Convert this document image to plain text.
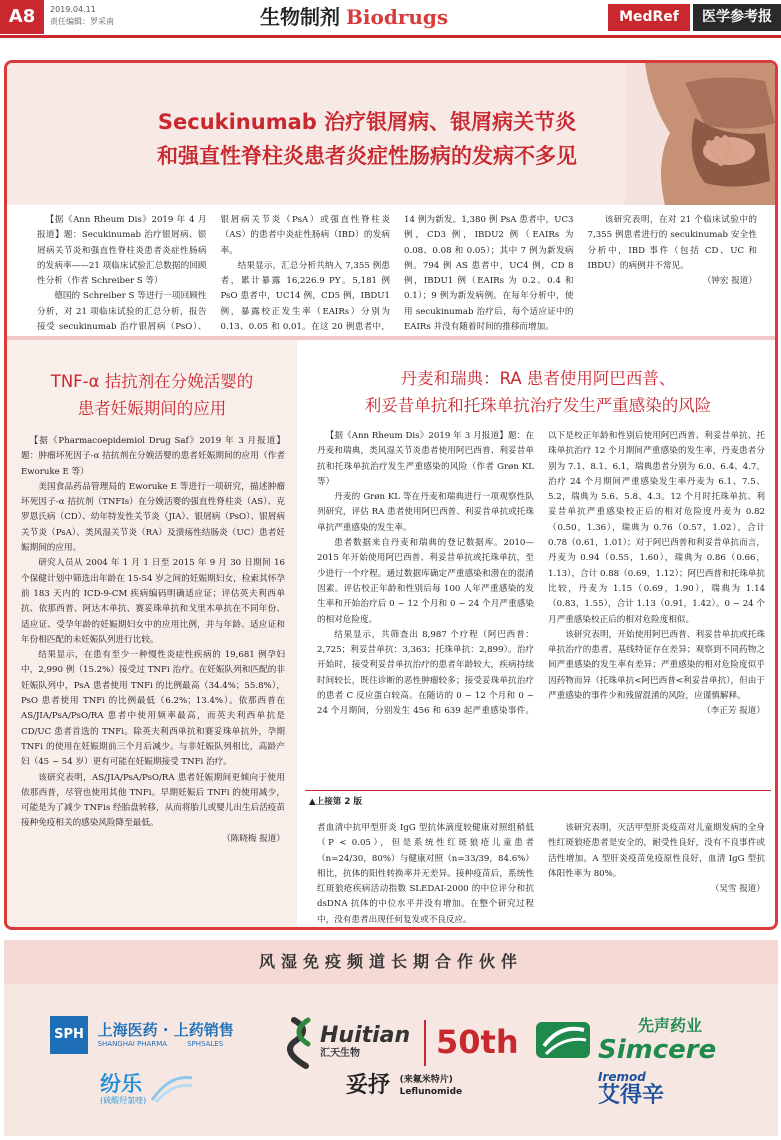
A8	2019.04.11
责任编辑：罗采南	生物制剂 Biodrugs	MedRef	医学参考报
Secukinumab 治疗银屑病、银屑病关节炎
和强直性脊柱炎患者炎症性肠病的发病不多见

【据《Ann Rheum Dis》2019 年 4 月报道】题：Secukinumab 治疗银屑病、银屑病关节炎和强直性脊柱炎患者炎症性肠病的发病率——21 项临床试验汇总数据的回顾性分析（作者 Schreiber S 等）

德国的 Schreiber S 等进行一项回顾性分析，对 21 项临床试验的汇总分析，报告接受 secukinumab 治疗银屑病（PsO）、银屑病关节炎（PsA）或强直性脊柱炎（AS）的患者中炎症性肠病（IBD）的发病率。

结果显示，汇总分析共纳入 7,355 例患者，累计暴露 16,226.9 PY。5,181 例 PsO 患者中，UC14 例，CD5 例，IBDU1 例，暴露校正发生率（EAIRs）分别为 0.13、0.05 和 0.01。在这 20 例患者中，14 例为新发。1,380 例 PsA 患者中，UC3 例，CD3 例，IBDU2 例（EAIRs 为 0.08、0.08 和 0.05）；其中 7 例为新发病例。794 例 AS 患者中，UC4 例，CD 8 例，IBDU1 例（EAIRs 为 0.2、0.4 和 0.1）；9 例为新发病例。在每年分析中，使用 secukinumab 治疗后，每个适应证中的 EAIRs 并没有随着时间的推移而增加。

该研究表明，在对 21 个临床试验中的 7,355 例患者进行的 secukinumab 安全性分析中，IBD 事件（包括 CD、UC 和 IBDU）的病例并不常见。

（钟宏 报道）

TNF-α 拮抗剂在分娩活婴的
患者妊娠期间的应用

【据《Pharmacoepidemiol Drug Saf》2019 年 3 月报道】题：肿瘤坏死因子-α 拮抗剂在分娩活婴的患者妊娠期间的应用（作者 Eworuke E 等）

美国食品药品管理局的 Eworuke E 等进行一项研究，描述肿瘤坏死因子-α 拮抗剂（TNFIs）在分娩活婴的强直性脊柱炎（AS）、克罗恩氏病（CD）、幼年特发性关节炎（JIA）、银屑病（PsO）、银屑病关节炎（PsA）、类风湿关节炎（RA）及溃疡性结肠炎（UC）患者妊娠期间的应用。

研究人员从 2004 年 1 月 1 日至 2015 年 9 月 30 日期间 16 个保健计划中筛选出年龄在 15-54 岁之间的妊娠期妇女，检索其怀孕前 183 天内的 ICD-9-CM 疾病编码明确适应证；评估英夫利西单抗、依那西普、阿达木单抗、赛妥珠单抗和戈里木单抗在不同年份、适应证、受孕年龄的妊娠期妇女中的应用比例，并与年龄、适应证和年份相匹配的未妊娠队列进行比较。

结果显示，在患有至少一种慢性炎症性疾病的 19,681 例孕妇中，2,990 例（15.2%）接受过 TNFi 治疗。在妊娠队列和匹配的非妊娠队列中，PsA 患者使用 TNFi 的比例最高（34.4%；55.8%），PsO 患者使用 TNFi 的比例最低（6.2%；13.4%）。依那西普在 AS/JIA/PsA/PsO/RA 患者中使用频率最高，而英夫利西单抗是 CD/UC 患者首选的 TNFi。除英夫利西单抗和赛妥珠单抗外，孕期 TNFi 的使用在妊娠期前三个月后减少。与非妊娠队列相比，高龄产妇（45 ~ 54 岁）更有可能在妊娠期接受 TNFi 治疗。

该研究表明，AS/JIA/PsA/PsO/RA 患者妊娠期间更倾向于使用依那西普，尽管也使用其他 TNFi。早期妊娠后 TNFi 的使用减少，可能是为了减少 TNFis 经胎盘转移，从而将胎儿或婴儿出生后活疫苗接种免疫相关的感染风险降至最低。

（陈晓梅 报道）

丹麦和瑞典：RA 患者使用阿巴西普、
利妥昔单抗和托珠单抗治疗发生严重感染的风险

【据《Ann Rheum Dis》2019 年 3 月报道】题：在丹麦和瑞典，类风湿关节炎患者使用阿巴西普、利妥昔单抗和托珠单抗治疗发生严重感染的风险（作者 Grøn KL 等）

丹麦的 Grøn KL 等在丹麦和瑞典进行一项观察性队列研究，评估 RA 患者使用阿巴西普、利妥昔单抗或托珠单抗严重感染的发生率。

患者数据来自丹麦和瑞典的登记数据库。2010—2015 年开始使用阿巴西普、利妥昔单抗或托珠单抗，至少进行一个疗程。通过数据库确定严重感染和潜在的混淆因素。评估校正年龄和性别后每 100 人年严重感染的发生率和开始治疗后 0 ~ 12 个月和 0 ~ 24 个月严重感染的相对危险度。

结果显示，共筛查出 8,987 个疗程（阿巴西普：2,725；利妥昔单抗：3,363；托珠单抗：2,899）。治疗开始时，接受利妥昔单抗治疗的患者年龄较大，疾病持续时间较长，既往诊断的恶性肿瘤较多；接受妥珠单抗治疗的患者 C 反应蛋白较高。在随访的 0 ~ 12 个月和 0 ~ 24 个月期间，分别发生 456 和 639 起严重感染事件。以下是校正年龄和性别后使用阿巴西普、利妥昔单抗、托珠单抗治疗 12 个月期间严重感染的发生率，丹麦患者分别为 7.1、8.1、6.1，瑞典患者分别为 6.0、6.4、4.7。治疗 24 个月期间严重感染发生率丹麦为 6.1、7.5、5.2，瑞典为 5.6、5.8、4.3。12 个月时托珠单抗、利妥昔单抗严重感染校正后的相对危险度丹麦为 0.82（0.50，1.36），瑞典为 0.76（0.57，1.02），合计 0.78（0.61，1.01）；对于阿巴西普和利妥昔单抗而言，丹麦为 0.94（0.55，1.60），瑞典为 0.86（0.66，1.13），合计 0.88（0.69，1.12）；阿巴西普和托珠单抗比较，丹麦为 1.15（0.69，1.90），瑞典为 1.14（0.83，1.55），合计 1.13（0.91，1.42）。0 ~ 24 个月严重感染校正后的相对危险度相似。

该研究表明，开始使用阿巴西普、利妥昔单抗或托珠单抗治疗的患者，基线特征存在差异；观察到不同药物之间严重感染的发生率有差异；严重感染的相对危险度似乎因药物而异（托珠单抗<阿巴西普<利妥昔单抗），但由于严重感染的事件少和残留混淆的风险，应谨慎解释。

（李正芳 报道）

▲上接第 2 版

者血清中抗甲型肝炎 IgG 型抗体滴度较健康对照组稍低（P < 0.05），但是系统性红斑狼疮儿童患者（n=24/30，80%）与健康对照（n=33/39，84.6%）相比，抗体的阳性转换率并无差异。接种疫苗后，系统性红斑狼疮疾病活动指数 SLEDAI-2000 的中位评分和抗 dsDNA 抗体的中位水平并没有增加。在整个研究过程中，没有患者出现任何复发或不良反应。

该研究表明，灭活甲型肝炎疫苗对儿童期发病的全身性红斑狼疮患者是安全的，耐受性良好，没有不良事件或活性增加。A 型肝炎疫苗免疫原性良好，血清 IgG 型抗体阳性率为 80%。

（吴雪 报道）

风湿免疫频道长期合作伙伴
SPH 上海医药 · 上药销售
SHANGHAI PHARMA	SPHSALES
纷乐
(硫酸羟氯喹)
Huitian
汇天生物	50th
妥抒 (来氟米特片)
Leflunomide
先声药业
Simcere
Iremod
艾得辛
